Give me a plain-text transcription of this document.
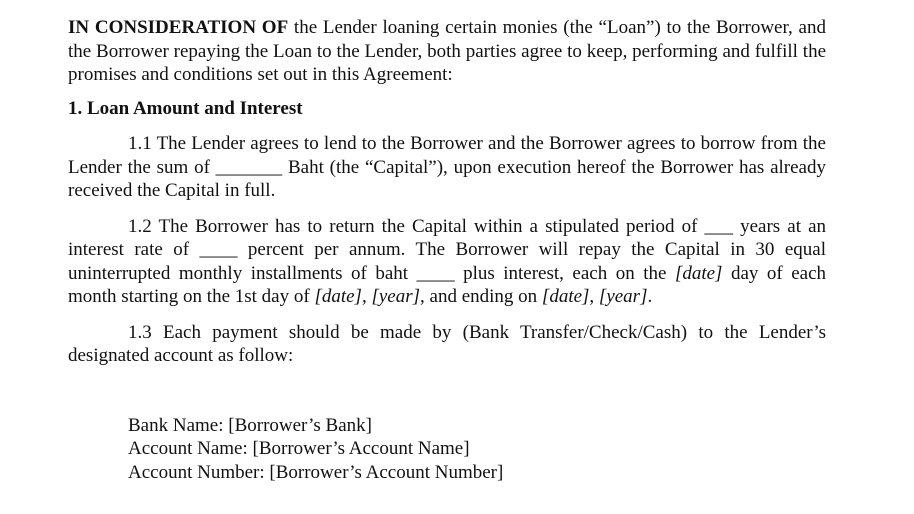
IN CONSIDERATION OF the Lender loaning certain monies (the “Loan”) to the Borrower, and the Borrower repaying the Loan to the Lender, both parties agree to keep, performing and fulfill the promises and conditions set out in this Agreement:

1. Loan Amount and Interest

1.1 The Lender agrees to lend to the Borrower and the Borrower agrees to borrow from the Lender the sum of _______ Baht (the “Capital”), upon execution hereof the Borrower has already received the Capital in full.

1.2 The Borrower has to return the Capital within a stipulated period of ___ years at an interest rate of ____ percent per annum. The Borrower will repay the Capital in 30 equal uninterrupted monthly installments of baht ____ plus interest, each on the [date] day of each month starting on the 1st day of [date], [year], and ending on [date], [year].

1.3 Each payment should be made by (Bank Transfer/Check/Cash) to the Lender’s designated account as follow:

Bank Name: [Borrower’s Bank]
Account Name: [Borrower’s Account Name]
Account Number: [Borrower’s Account Number]
